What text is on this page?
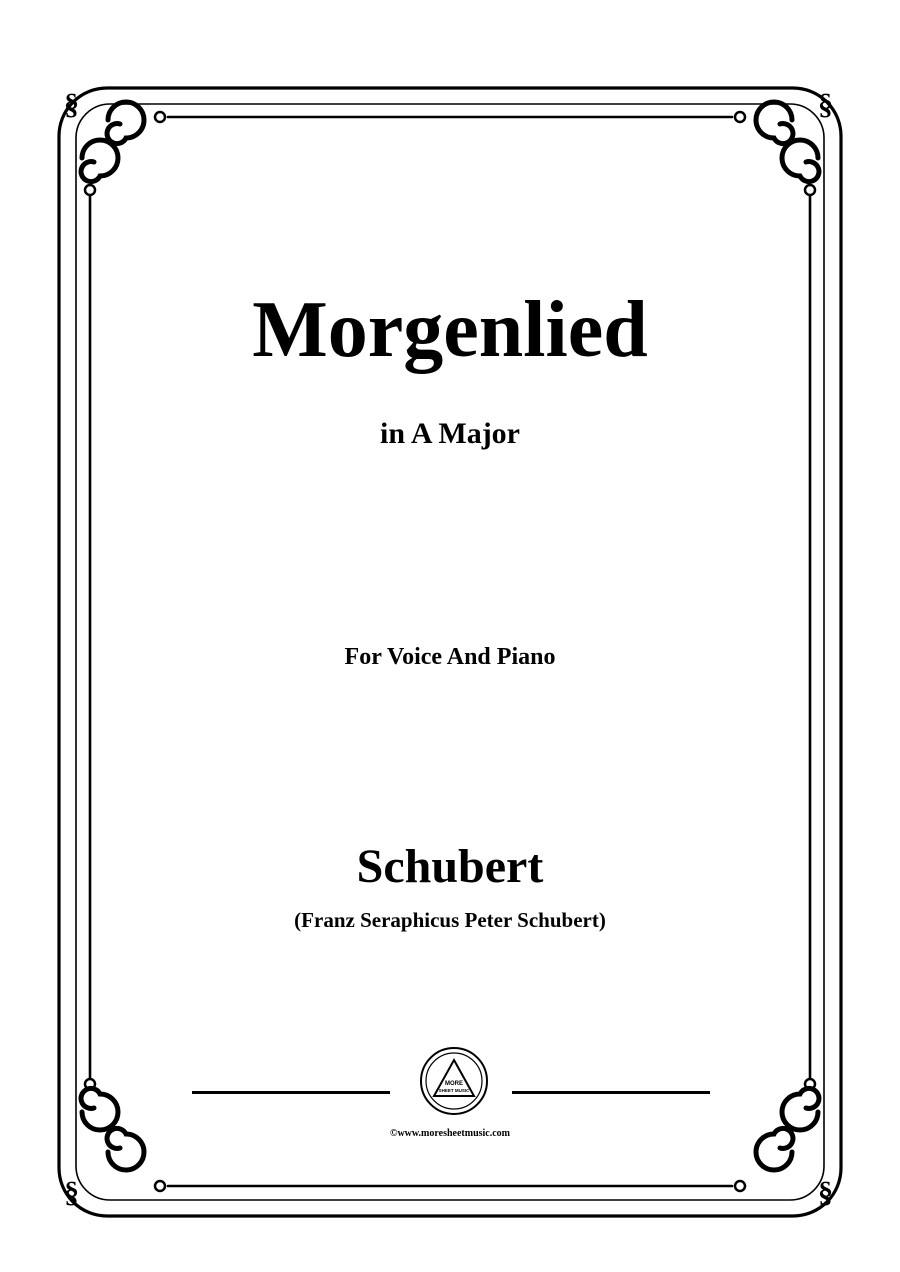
§	§
§	§
Morgenlied
in A Major
For Voice And Piano
Schubert
(Franz Seraphicus Peter Schubert)
MORE
SHEET MUSIC
©www.moresheetmusic.com
